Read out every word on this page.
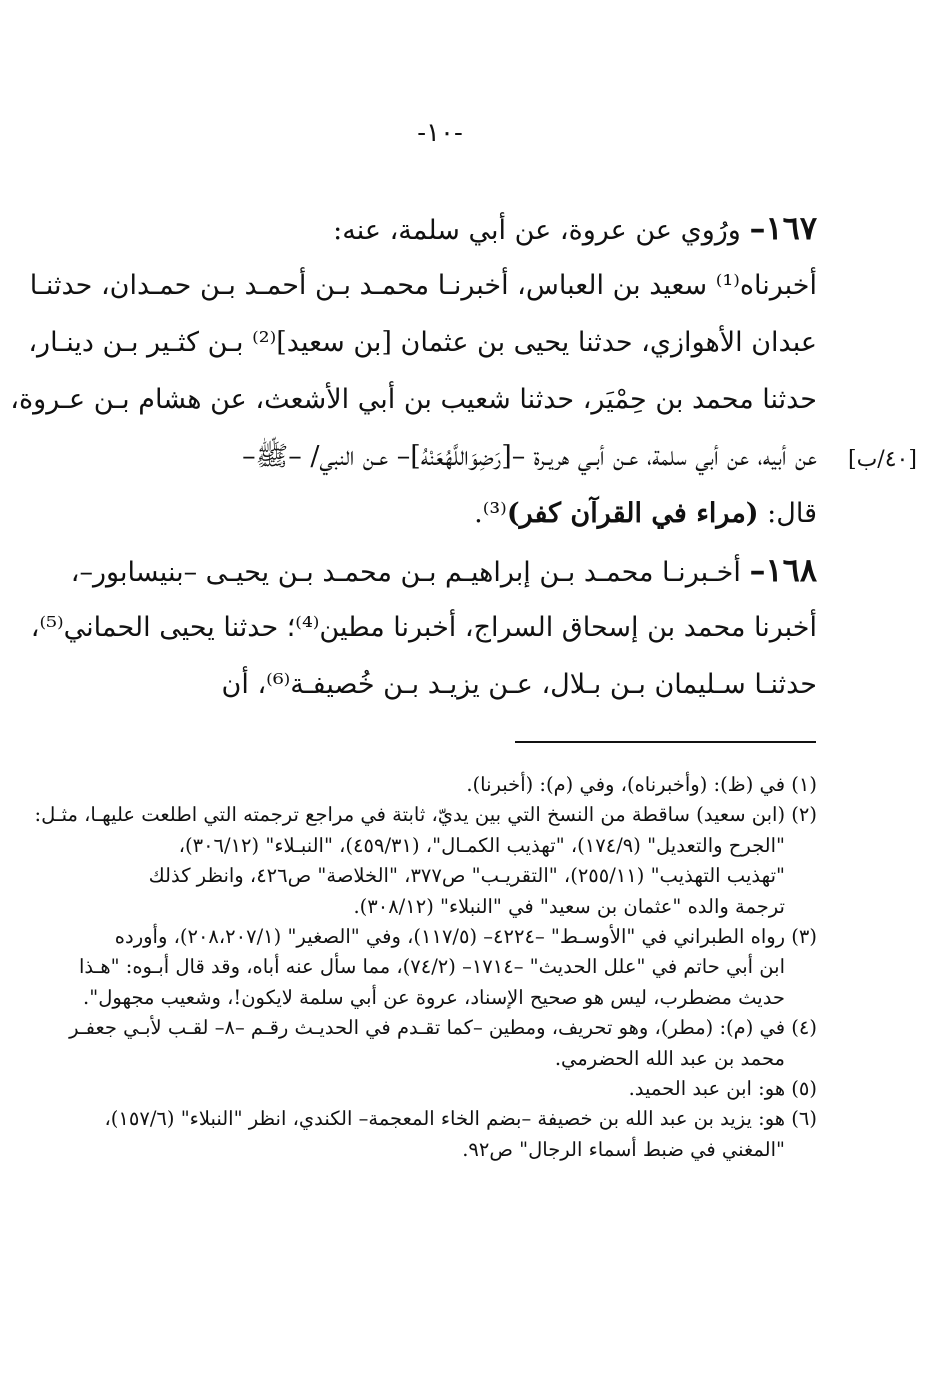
-١٠-
[٤٠/ب]
١٦٧– ورُوي عن عروة، عن أبي سلمة، عنه:
أخبرناه⁽¹⁾ سعيد بن العباس، أخبرنـا محمـد بـن أحمـد بـن حمـدان، حدثنـا
عبدان الأهوازي، حدثنا يحيى بن عثمان [بن سعيد]⁽²⁾ بـن كثـير بـن دينـار،
حدثنا محمد بن حِمْيَر، حدثنا شعيب بن أبي الأشعث، عن هشام بـن عـروة،
عن أبيه، عن أبي سلمة، عـن أبـي هريـرة –[رَضِوَاللَّهُعَنْهُ]– عـن النبي/ –ﷺ–
قال: (مراء في القرآن كفر)⁽³⁾.
١٦٨– أخـبرنـا محمـد بـن إبراهيـم بـن محمـد بـن يحيـى –بنيسابور–،
أخبرنا محمد بن إسحاق السراج، أخبرنا مطين⁽⁴⁾؛ حدثنا يحيى الحماني⁽⁵⁾،
حدثنـا سـليمان بـن بـلال، عـن يزيـد بـن خُصيفـة⁽⁶⁾، أن
(١) في (ظ): (وأخبرناه)، وفي (م): (أخبرنا).
(٢) (ابن سعيد) ساقطة من النسخ التي بين يديّ، ثابتة في مراجع ترجمته التي اطلعت عليهـا، مثـل:
"الجرح والتعديل" (١٧٤/٩)، "تهذيب الكمـال"، (٤٥٩/٣١)، "النبـلاء" (٣٠٦/١٢)،
"تهذيب التهذيب" (٢٥٥/١١)، "التقريـب" ص٣٧٧، "الخلاصة" ص٤٢٦، وانظر كذلك
ترجمة والده "عثمان بن سعيد" في "النبلاء" (٣٠٨/١٢).
(٣) رواه الطبراني في "الأوسـط" –٤٢٢٤– (١١٧/٥)، وفي "الصغير" (٢٠٨،٢٠٧/١)، وأورده
ابن أبي حاتم في "علل الحديث" –١٧١٤– (٧٤/٢)، مما سأل عنه أباه، وقد قال أبـوه: "هـذا
حديث مضطرب، ليس هو صحيح الإسناد، عروة عن أبي سلمة لايكون!، وشعيب مجهول".
(٤) في (م): (مطر)، وهو تحريف، ومطين –كما تقـدم في الحديـث رقـم –٨– لقـب لأبـي جعفـر
محمد بن عبد الله الحضرمي.
(٥) هو: ابن عبد الحميد.
(٦) هو: يزيد بن عبد الله بن خصيفة –بضم الخاء المعجمة– الكندي، انظر "النبلاء" (١٥٧/٦)،
"المغني في ضبط أسماء الرجال" ص٩٢.
